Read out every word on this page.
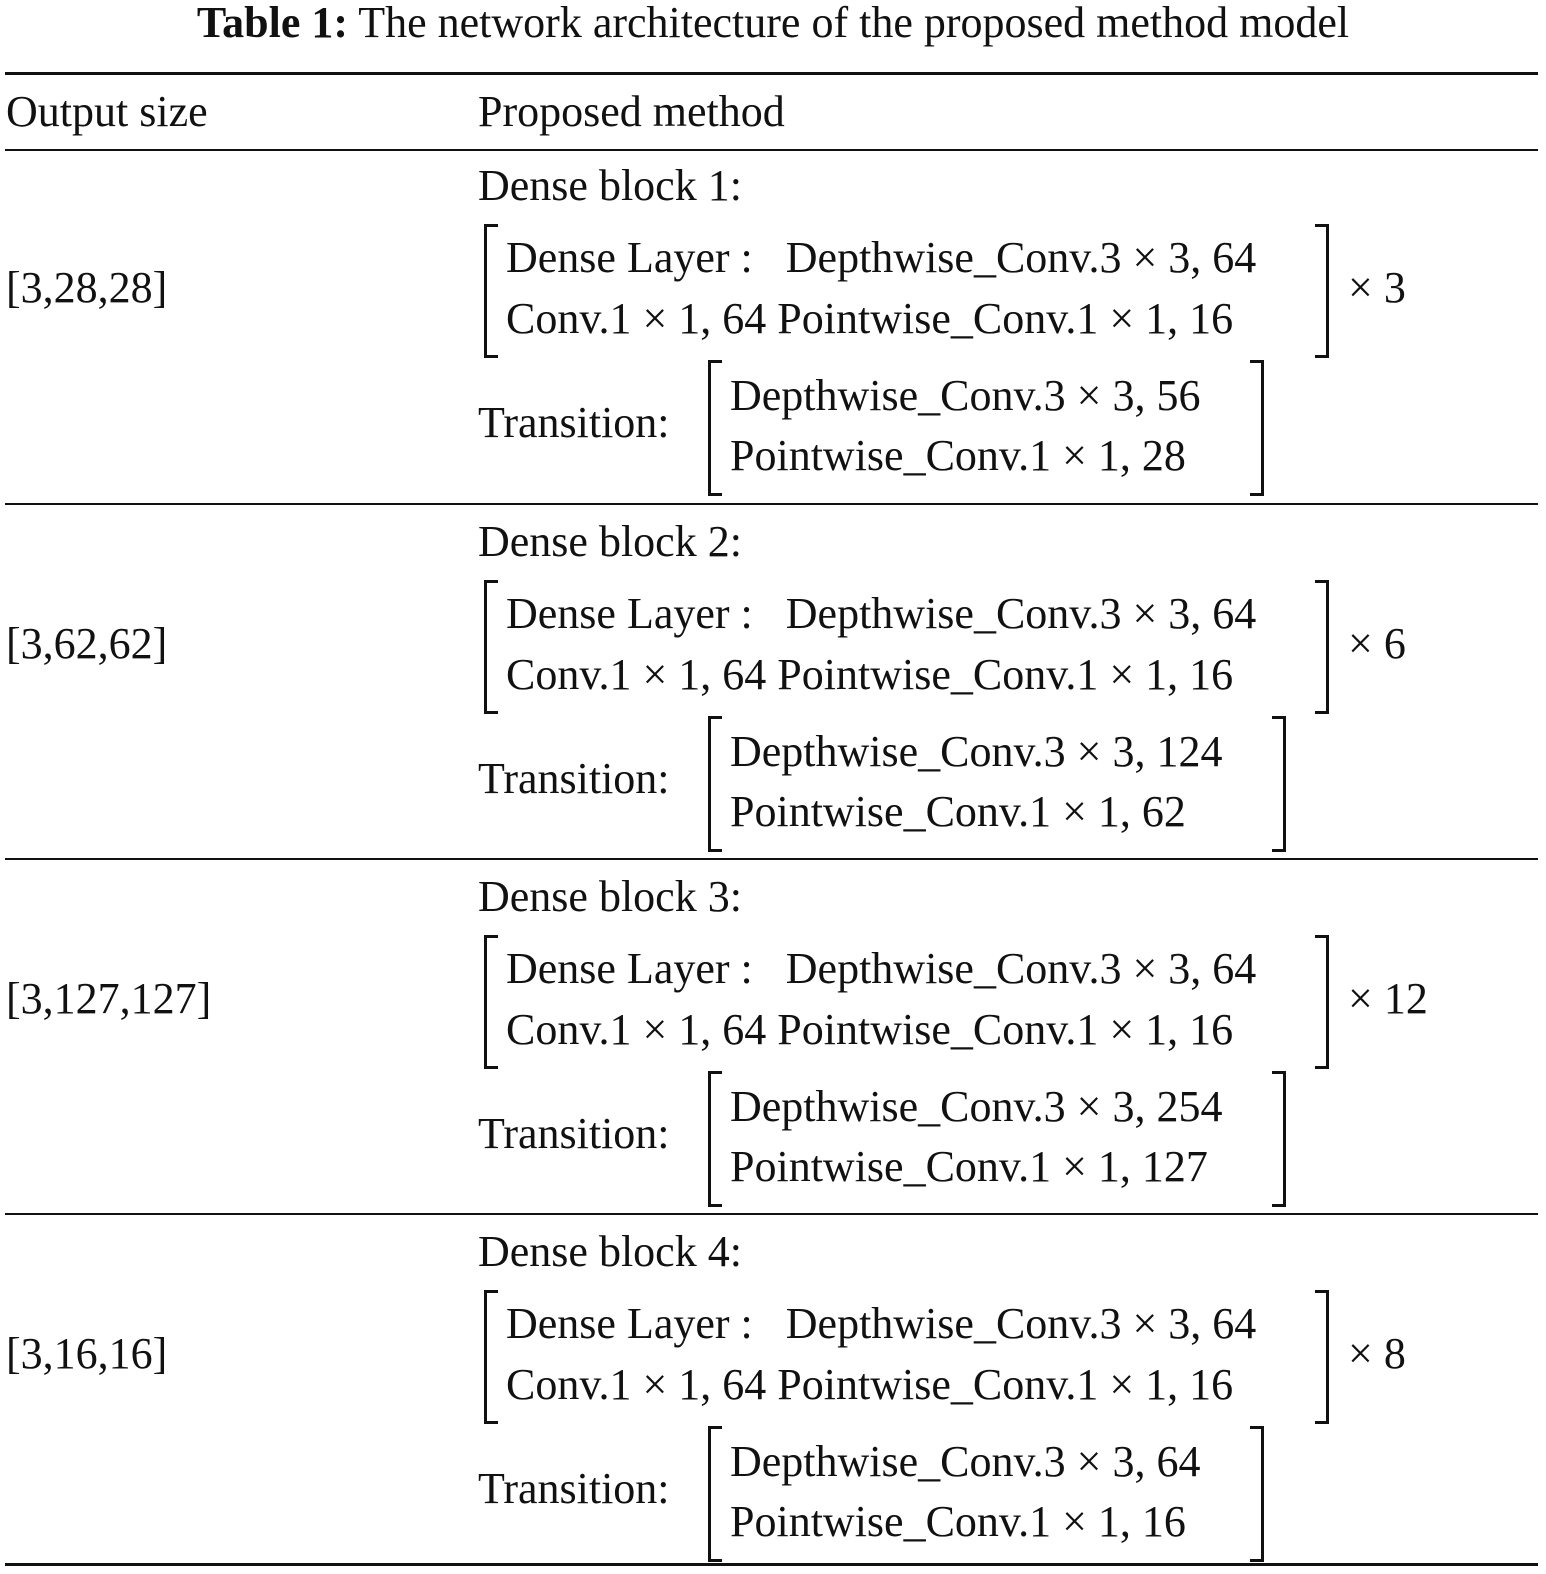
Table 1: The network architecture of the proposed method model
Output size	Proposed method
[3,28,28]
Dense block 1:
Dense Layer :   Depthwise_Conv.3 × 3, 64
Conv.1 × 1, 64 Pointwise_Conv.1 × 1, 16
× 3
Transition:
Depthwise_Conv.3 × 3, 56
Pointwise_Conv.1 × 1, 28
[3,62,62]
Dense block 2:
Dense Layer :   Depthwise_Conv.3 × 3, 64
Conv.1 × 1, 64 Pointwise_Conv.1 × 1, 16
× 6
Transition:
Depthwise_Conv.3 × 3, 124
Pointwise_Conv.1 × 1, 62
[3,127,127]
Dense block 3:
Dense Layer :   Depthwise_Conv.3 × 3, 64
Conv.1 × 1, 64 Pointwise_Conv.1 × 1, 16
× 12
Transition:
Depthwise_Conv.3 × 3, 254
Pointwise_Conv.1 × 1, 127
[3,16,16]
Dense block 4:
Dense Layer :   Depthwise_Conv.3 × 3, 64
Conv.1 × 1, 64 Pointwise_Conv.1 × 1, 16
× 8
Transition:
Depthwise_Conv.3 × 3, 64
Pointwise_Conv.1 × 1, 16
